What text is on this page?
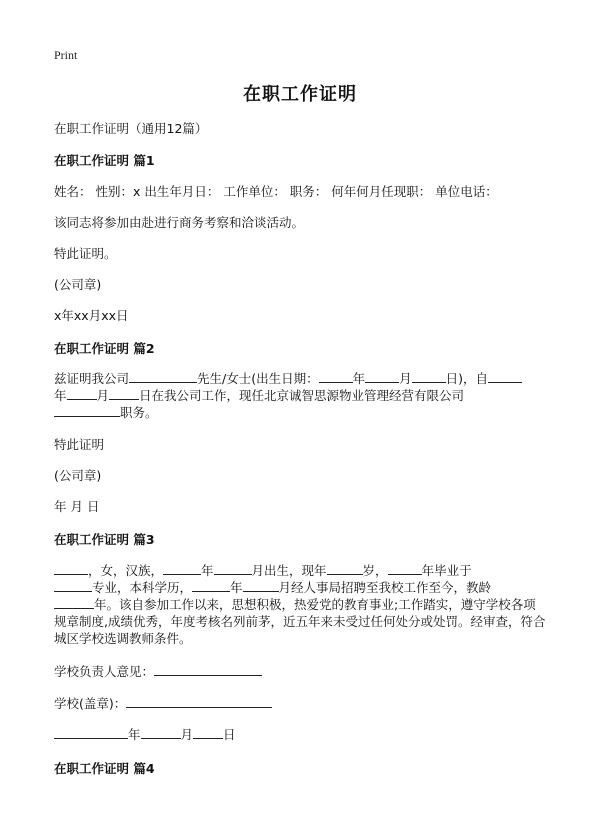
Print
在职工作证明
在职工作证明（通用12篇）
在职工作证明 篇1
姓名： 性别：x 出生年月日： 工作单位： 职务： 何年何月任现职： 单位电话：
该同志将参加由赴进行商务考察和洽谈活动。
特此证明。
(公司章)
x年xx月xx日
在职工作证明 篇2
兹证明我公司	先生/女士(出生日期：	年	月	日)，自
年 月 日在我公司工作，现任北京诚智思源物业管理经营有限公司
职务。
特此证明
(公司章)
年 月 日
在职工作证明 篇3
，女，汉族，	年	月出生，现年	岁，	年毕业于
专业，本科学历，	年	月经人事局招聘至我校工作至今，教龄
年。该自参加工作以来，思想积极，热爱党的教育事业;工作踏实，遵守学校各项规章制度,成绩优秀，年度考核名列前茅，近五年来未受过任何处分或处罚。经审查，符合城区学校选调教师条件。
学校负责人意见：
学校(盖章)：
年	月 日
在职工作证明 篇4
